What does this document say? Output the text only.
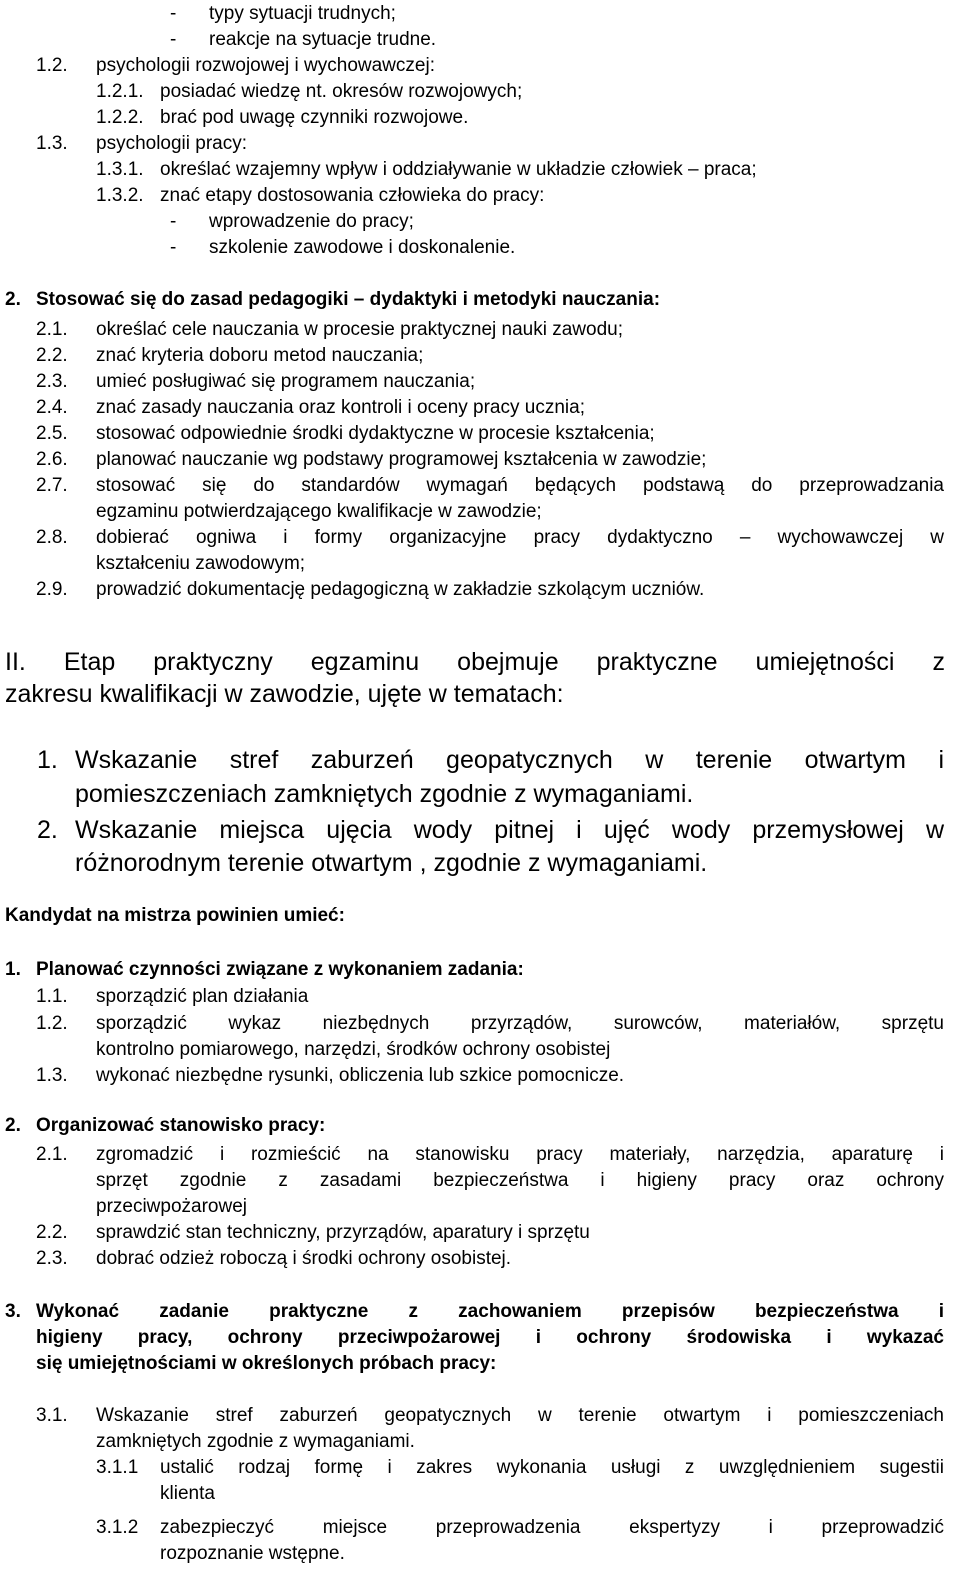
- typy sytuacji trudnych;
- reakcje na sytuacje trudne.
1.2. psychologii rozwojowej i wychowawczej:
1.2.1. posiadać wiedzę nt. okresów rozwojowych;
1.2.2. brać pod uwagę czynniki rozwojowe.
1.3. psychologii pracy:
1.3.1. określać wzajemny wpływ i oddziaływanie w układzie człowiek – praca;
1.3.2. znać etapy dostosowania człowieka do pracy:
- wprowadzenie do pracy;
- szkolenie zawodowe i doskonalenie.
2. Stosować się do zasad pedagogiki – dydaktyki i metodyki nauczania:
2.1. określać cele nauczania w procesie praktycznej nauki zawodu;
2.2. znać kryteria doboru metod nauczania;
2.3. umieć posługiwać się programem nauczania;
2.4. znać zasady nauczania oraz kontroli i oceny pracy ucznia;
2.5. stosować odpowiednie środki dydaktyczne w procesie kształcenia;
2.6. planować nauczanie wg podstawy programowej kształcenia w zawodzie;
2.7. stosować się do standardów wymagań będących podstawą do przeprowadzania
egzaminu potwierdzającego kwalifikacje w zawodzie;
2.8. dobierać ogniwa i formy organizacyjne pracy dydaktyczno – wychowawczej w
kształceniu zawodowym;
2.9. prowadzić dokumentację pedagogiczną w zakładzie szkolącym uczniów.
II. Etap praktyczny egzaminu obejmuje praktyczne umiejętności z
zakresu kwalifikacji w zawodzie, ujęte w tematach:
1. Wskazanie stref zaburzeń geopatycznych w terenie otwartym i
pomieszczeniach zamkniętych zgodnie z wymaganiami.
2. Wskazanie miejsca ujęcia wody pitnej i ujęć wody przemysłowej w
różnorodnym terenie otwartym , zgodnie z wymaganiami.
Kandydat na mistrza powinien umieć:
1. Planować czynności związane z wykonaniem zadania:
1.1. sporządzić plan działania
1.2. sporządzić wykaz niezbędnych przyrządów, surowców, materiałów, sprzętu
kontrolno pomiarowego, narzędzi, środków ochrony osobistej
1.3. wykonać niezbędne rysunki, obliczenia lub szkice pomocnicze.
2. Organizować stanowisko pracy:
2.1. zgromadzić i rozmieścić na stanowisku pracy materiały, narzędzia, aparaturę i
sprzęt zgodnie z zasadami bezpieczeństwa i higieny pracy oraz ochrony
przeciwpożarowej
2.2. sprawdzić stan techniczny, przyrządów, aparatury i sprzętu
2.3. dobrać odzież roboczą i środki ochrony osobistej.
3. Wykonać zadanie praktyczne z zachowaniem przepisów bezpieczeństwa i
higieny pracy, ochrony przeciwpożarowej i ochrony środowiska i wykazać
się umiejętnościami w określonych próbach pracy:
3.1. Wskazanie stref zaburzeń geopatycznych w terenie otwartym i pomieszczeniach
zamkniętych zgodnie z wymaganiami.
3.1.1 ustalić rodzaj formę i zakres wykonania usługi z uwzględnieniem sugestii
klienta
3.1.2 zabezpieczyć miejsce przeprowadzenia ekspertyzy i przeprowadzić
rozpoznanie wstępne.
